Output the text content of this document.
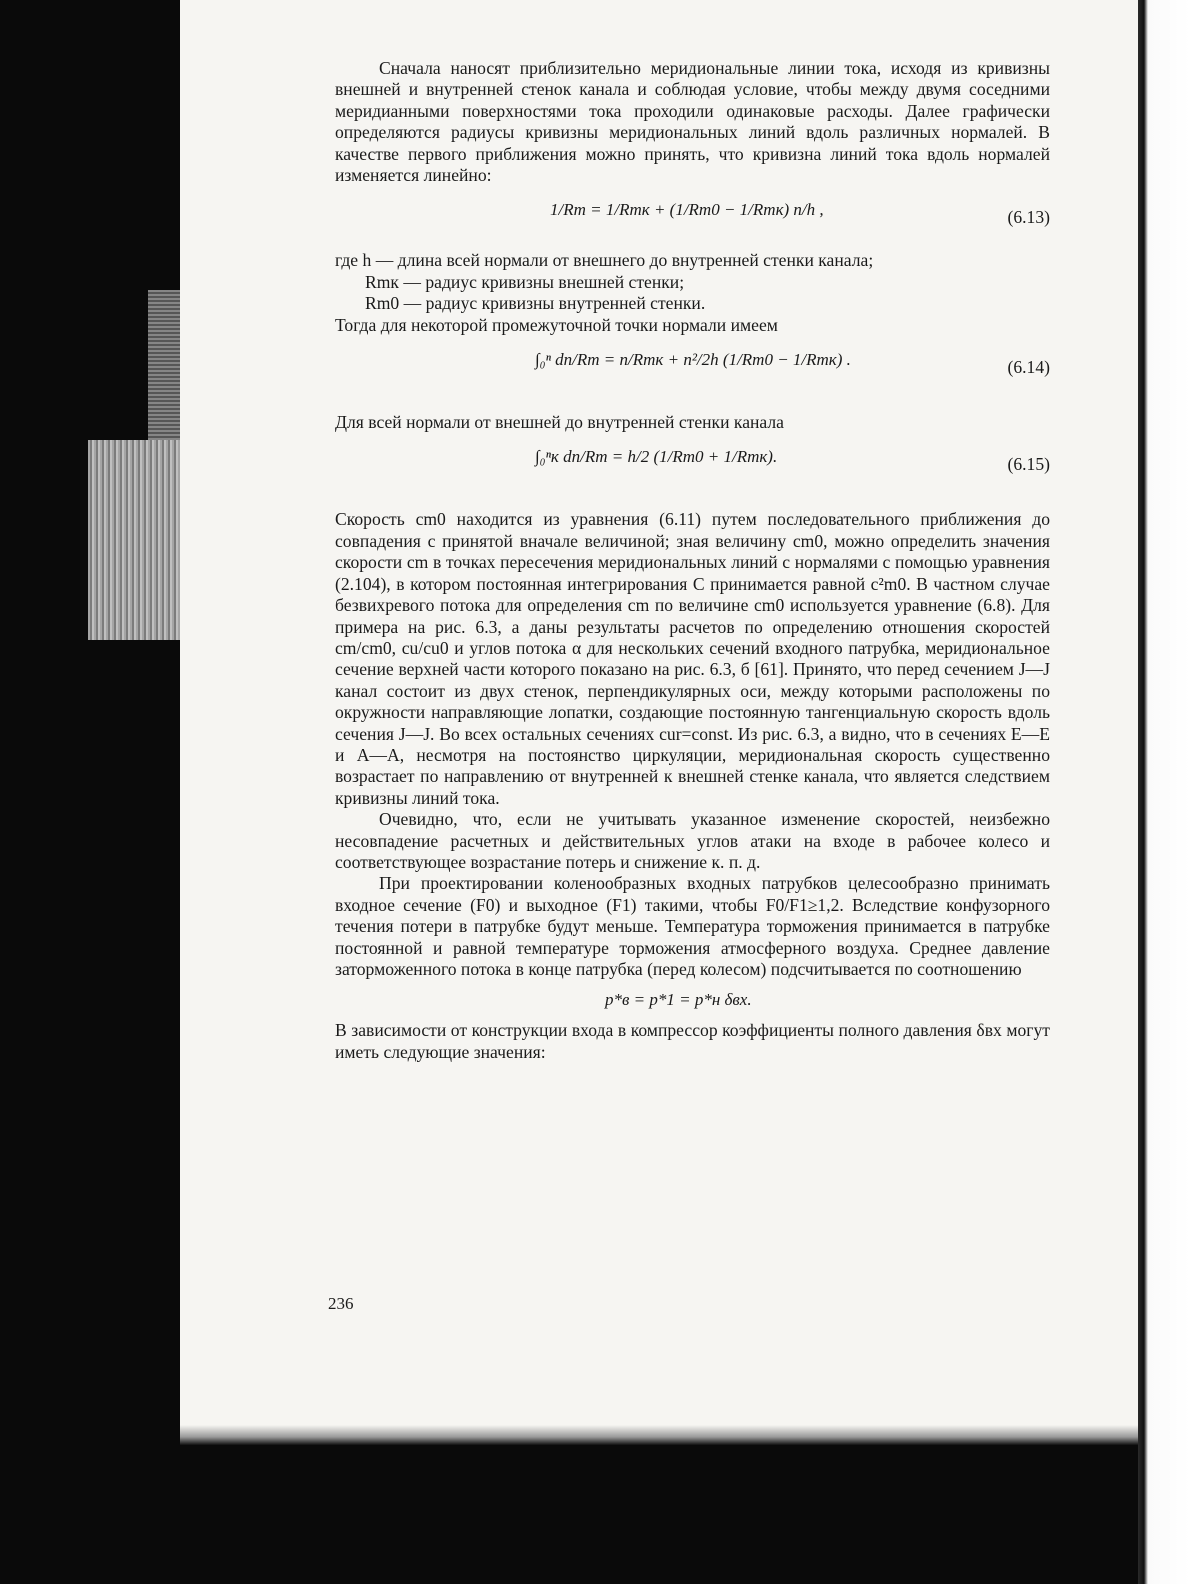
Сначала наносят приблизительно меридиональные линии тока, исходя из кривизны внешней и внутренней стенок канала и соблюдая условие, чтобы между двумя соседними меридианными поверхностями тока проходили одинаковые расходы. Далее графически определяются радиусы кривизны меридиональных линий вдоль различных нормалей. В качестве первого приближения можно принять, что кривизна линий тока вдоль нормалей изменяется линейно:

1/Rm = 1/Rmк + (1/Rm0 − 1/Rmк) n/h ,	(6.13)

где h — длина всей нормали от внешнего до внутренней стенки канала;

Rmк — радиус кривизны внешней стенки;

Rm0 — радиус кривизны внутренней стенки.

Тогда для некоторой промежуточной точки нормали имеем

∫₀ⁿ dn/Rm = n/Rmк + n²/2h (1/Rm0 − 1/Rmк) .	(6.14)

Для всей нормали от внешней до внутренней стенки канала

∫₀ⁿк dn/Rm = h/2 (1/Rm0 + 1/Rmк).	(6.15)

Скорость cm0 находится из уравнения (6.11) путем последовательного приближения до совпадения с принятой вначале величиной; зная величину cm0, можно определить значения скорости cm в точках пересечения меридиональных линий с нормалями с помощью уравнения (2.104), в котором постоянная интегрирования C принимается равной c²m0. В частном случае безвихревого потока для определения cm по величине cm0 используется уравнение (6.8). Для примера на рис. 6.3, а даны результаты расчетов по определению отношения скоростей cm/cm0, cu/cu0 и углов потока α для нескольких сечений входного патрубка, меридиональное сечение верхней части которого показано на рис. 6.3, б [61]. Принято, что перед сечением J—J канал состоит из двух стенок, перпендикулярных оси, между которыми расположены по окружности направляющие лопатки, создающие постоянную тангенциальную скорость вдоль сечения J—J. Во всех остальных сечениях cur=const. Из рис. 6.3, а видно, что в сечениях E—E и A—A, несмотря на постоянство циркуляции, меридиональная скорость существенно возрастает по направлению от внутренней к внешней стенке канала, что является следствием кривизны линий тока.

Очевидно, что, если не учитывать указанное изменение скоростей, неизбежно несовпадение расчетных и действительных углов атаки на входе в рабочее колесо и соответствующее возрастание потерь и снижение к. п. д.

При проектировании коленообразных входных патрубков целесообразно принимать входное сечение (F0) и выходное (F1) такими, чтобы F0/F1≥1,2. Вследствие конфузорного течения потери в патрубке будут меньше. Температура торможения принимается в патрубке постоянной и равной температуре торможения атмосферного воздуха. Среднее давление заторможенного потока в конце патрубка (перед колесом) подсчитывается по соотношению

p*в = p*1 = p*н δвх.

В зависимости от конструкции входа в компрессор коэффициенты полного давления δвх могут иметь следующие значения:

236
